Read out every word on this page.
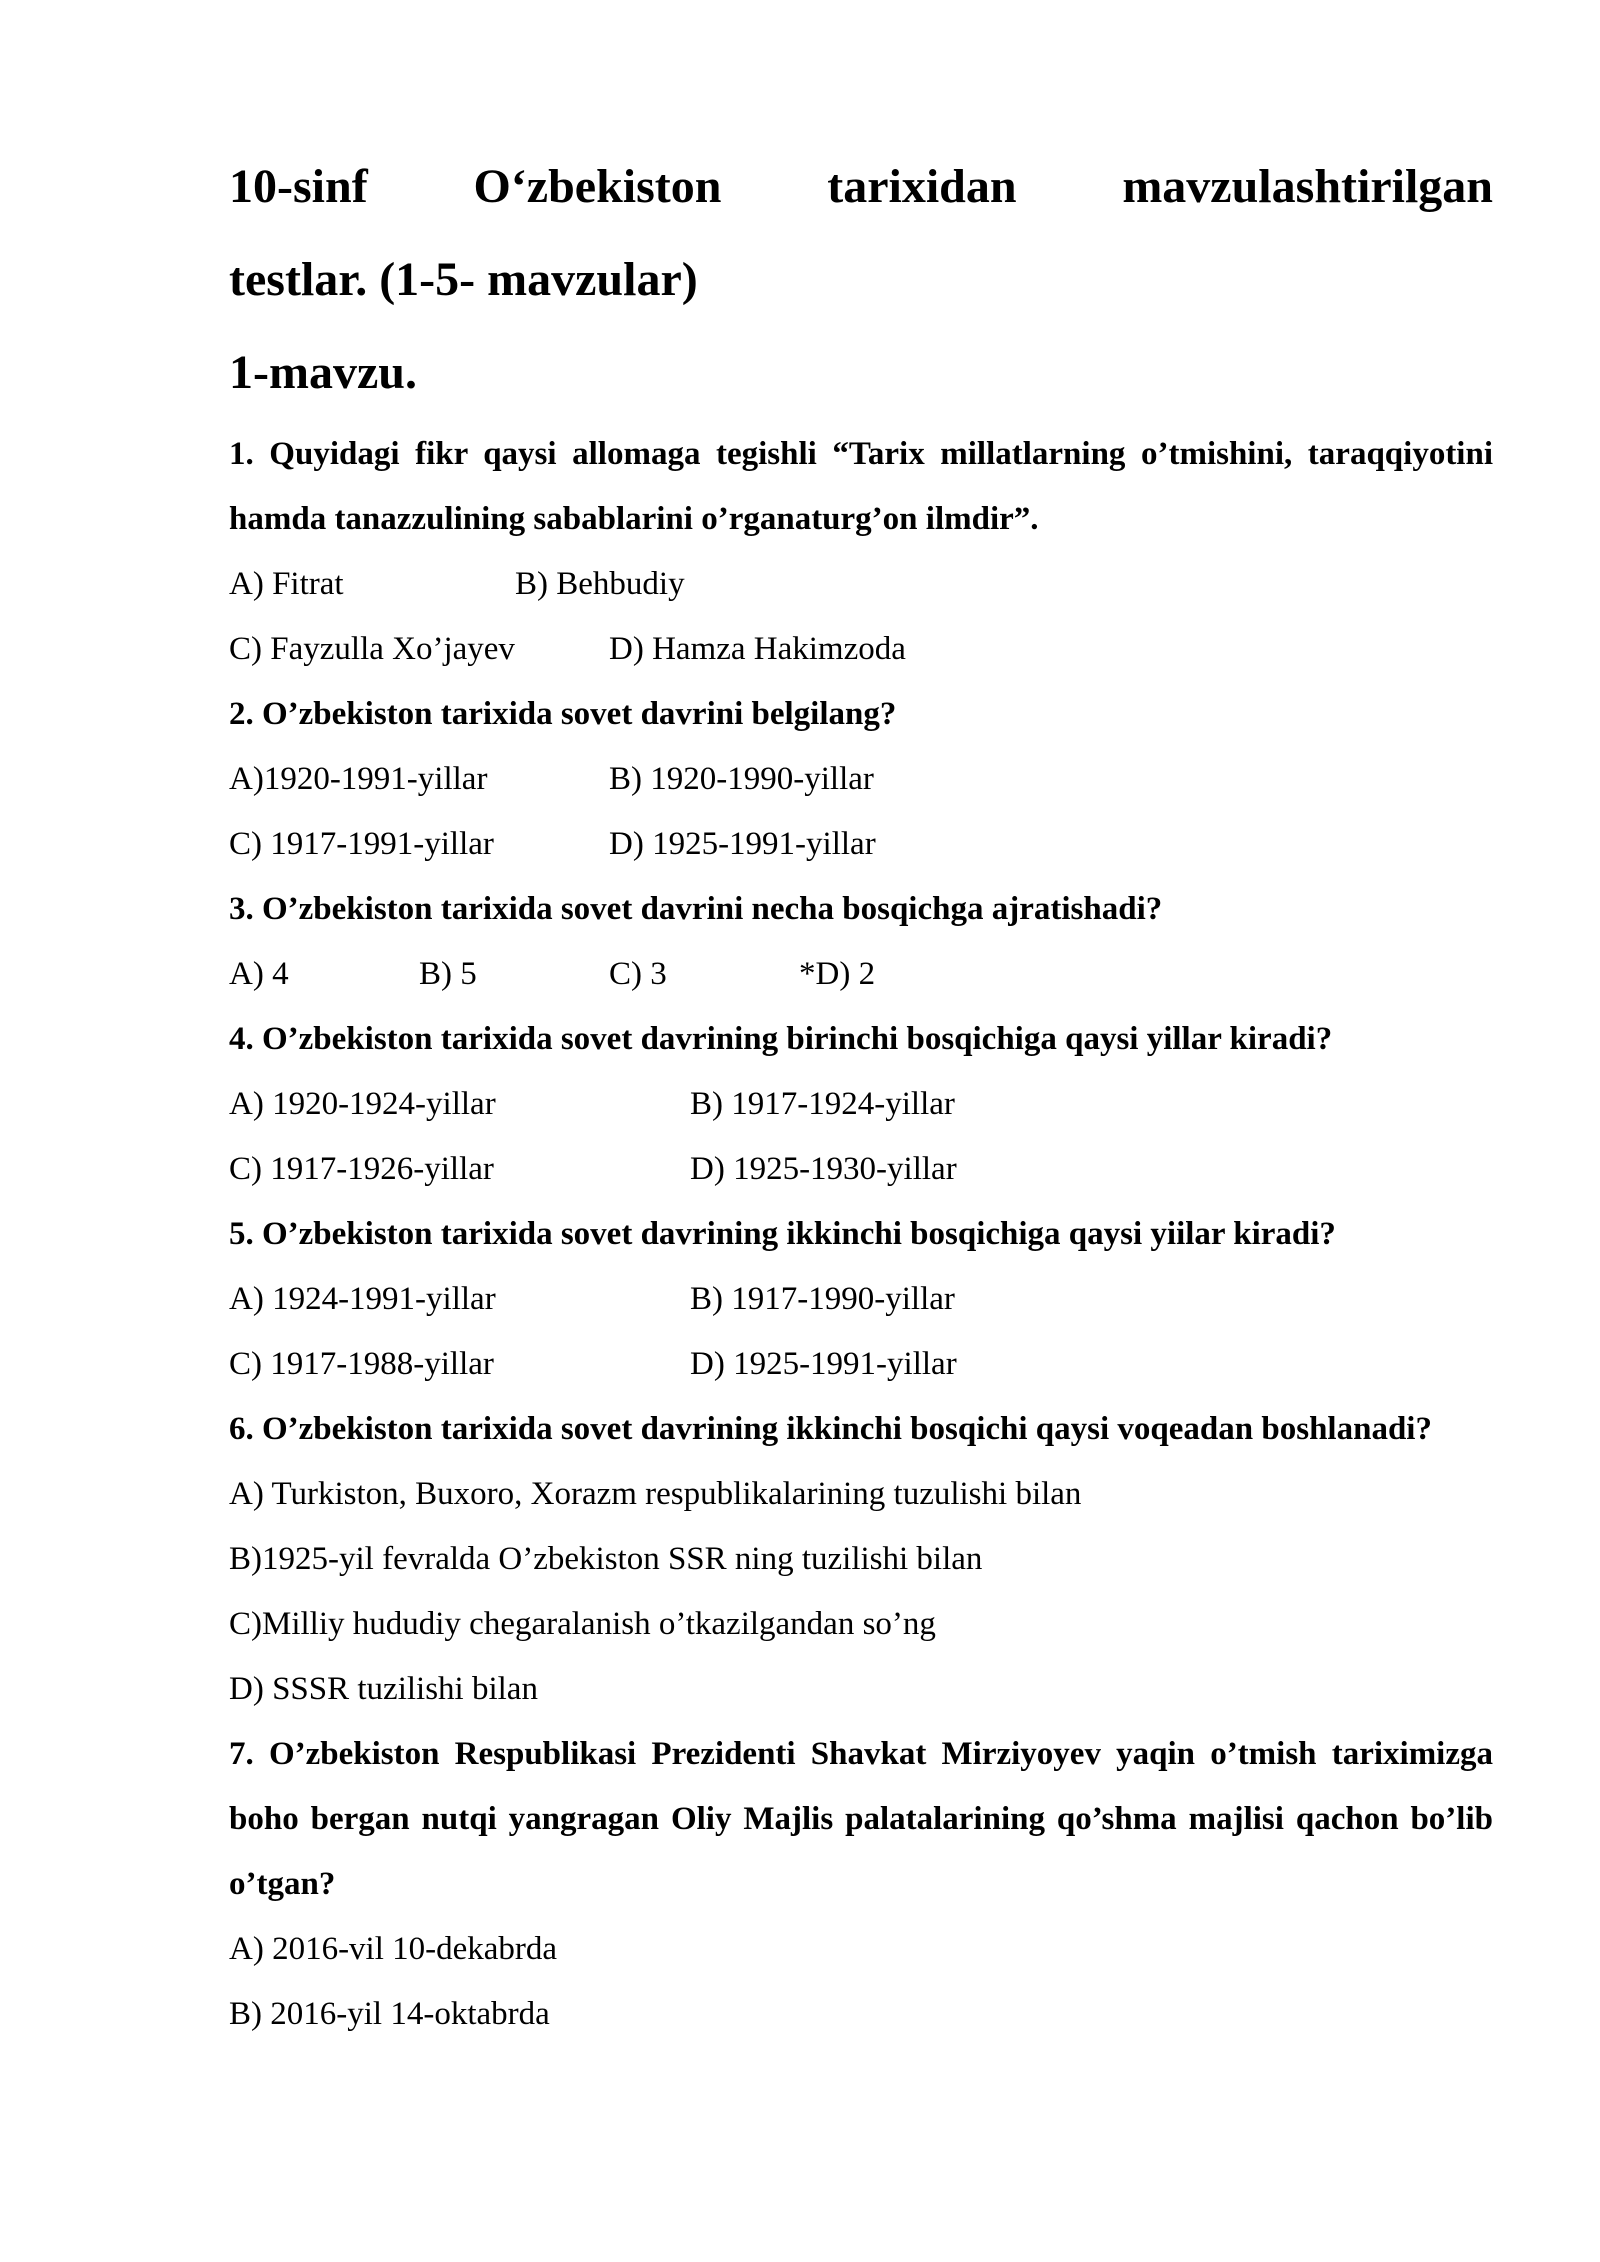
10-sinf O‘zbekiston tarixidan mavzulashtirilgan
testlar. (1-5- mavzular)
1-mavzu.
1. Quyidagi fikr qaysi allomaga tegishli “Tarix millatlarning o’tmishini, taraqqiyotini hamda tanazzulining sabablarini o’rganaturg’on ilmdir”.
A) Fitrat	B) Behbudiy
C) Fayzulla Xo’jayev	D) Hamza Hakimzoda
2. O’zbekiston tarixida sovet davrini belgilang?
A)1920-1991-yillar	B) 1920-1990-yillar
C) 1917-1991-yillar	D) 1925-1991-yillar
3. O’zbekiston tarixida sovet davrini necha bosqichga ajratishadi?
A) 4	B) 5	C) 3	*D) 2
4. O’zbekiston tarixida sovet davrining birinchi bosqichiga qaysi yillar kiradi?
A) 1920-1924-yillar	B) 1917-1924-yillar
C) 1917-1926-yillar	D) 1925-1930-yillar
5. O’zbekiston tarixida sovet davrining ikkinchi bosqichiga qaysi yiilar kiradi?
A) 1924-1991-yillar	B) 1917-1990-yillar
C) 1917-1988-yillar	D) 1925-1991-yillar
6. O’zbekiston tarixida sovet davrining ikkinchi bosqichi qaysi voqeadan boshlanadi?
A) Turkiston, Buxoro, Xorazm respublikalarining tuzulishi bilan
B)1925-yil fevralda O’zbekiston SSR ning tuzilishi bilan
C)Milliy hududiy chegaralanish o’tkazilgandan so’ng
D) SSSR tuzilishi bilan
7. O’zbekiston Respublikasi Prezidenti Shavkat Mirziyoyev yaqin o’tmish tariximizga boho bergan nutqi yangragan Oliy Majlis palatalarining qo’shma majlisi qachon bo’lib o’tgan?
A) 2016-vil 10-dekabrda
B) 2016-yil 14-oktabrda
